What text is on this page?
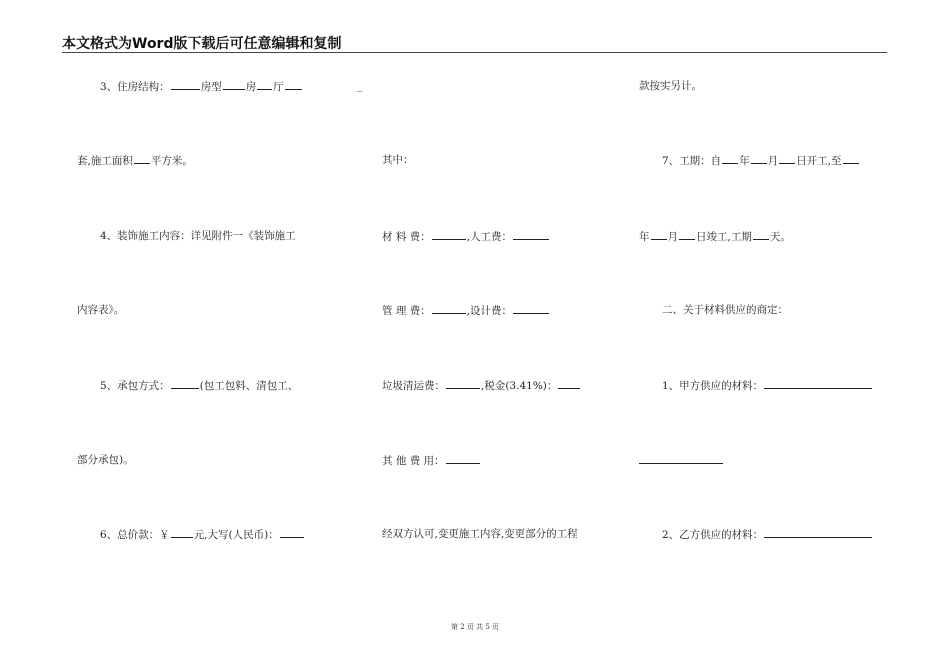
本文格式为Word版下载后可任意编辑和复制
3、住房结构：	房型 房 厅	_
套,施工面积 平方米。
4、装饰施工内容：详见附件一《装饰施工
内容表》。
5、承包方式：	(包工包料、清包工、
部分承包)。
6、总价款：￥ 元,大写(人民币)：
其中：
材 料 费：	,人工费：
管 理 费：	,设计费：
垃圾清运费：	,税金(3.41%)：
其 他 费 用：
经双方认可,变更施工内容,变更部分的工程
款按实另计。
7、工期：自 年 月 日开工,至
年 月 日竣工,工期 天。
二、关于材料供应的商定：
1、甲方供应的材料：
2、乙方供应的材料：
第 2 页 共 5 页
